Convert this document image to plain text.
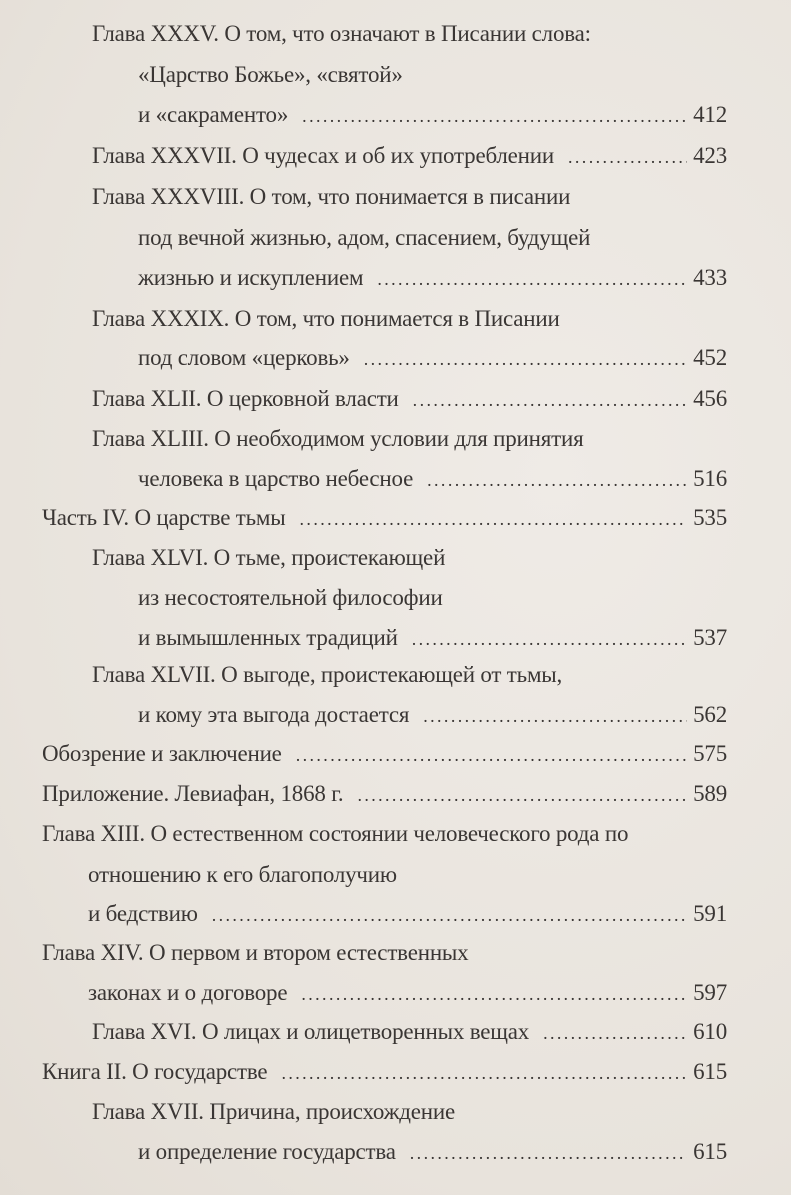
Глава XXXV. О том, что означают в Писании слова:
«Царство Божье», «святой»
и «сакраменто» .....	412
Глава XXXVII. О чудесах и об их употреблении .....	423
Глава XXXVIII. О том, что понимается в писании
под вечной жизнью, адом, спасением, будущей
жизнью и искуплением .....	433
Глава XXXIX. О том, что понимается в Писании
под словом «церковь» .....	452
Глава XLII. О церковной власти .....	456
Глава XLIII. О необходимом условии для принятия
человека в царство небесное .....	516
Часть IV. О царстве тьмы .....	535
Глава XLVI. О тьме, проистекающей
из несостоятельной философии
и вымышленных традиций .....	537
Глава XLVII. О выгоде, проистекающей от тьмы,
и кому эта выгода достается .....	562
Обозрение и заключение .....	575
Приложение. Левиафан, 1868 г. .....	589
Глава XIII. О естественном состоянии человеческого рода по
отношению к его благополучию
и бедствию .....	591
Глава XIV. О первом и втором естественных
законах и о договоре .....	597
Глава XVI. О лицах и олицетворенных вещах .....	610
Книга II. О государстве .....	615
Глава XVII. Причина, происхождение
и определение государства .....	615
